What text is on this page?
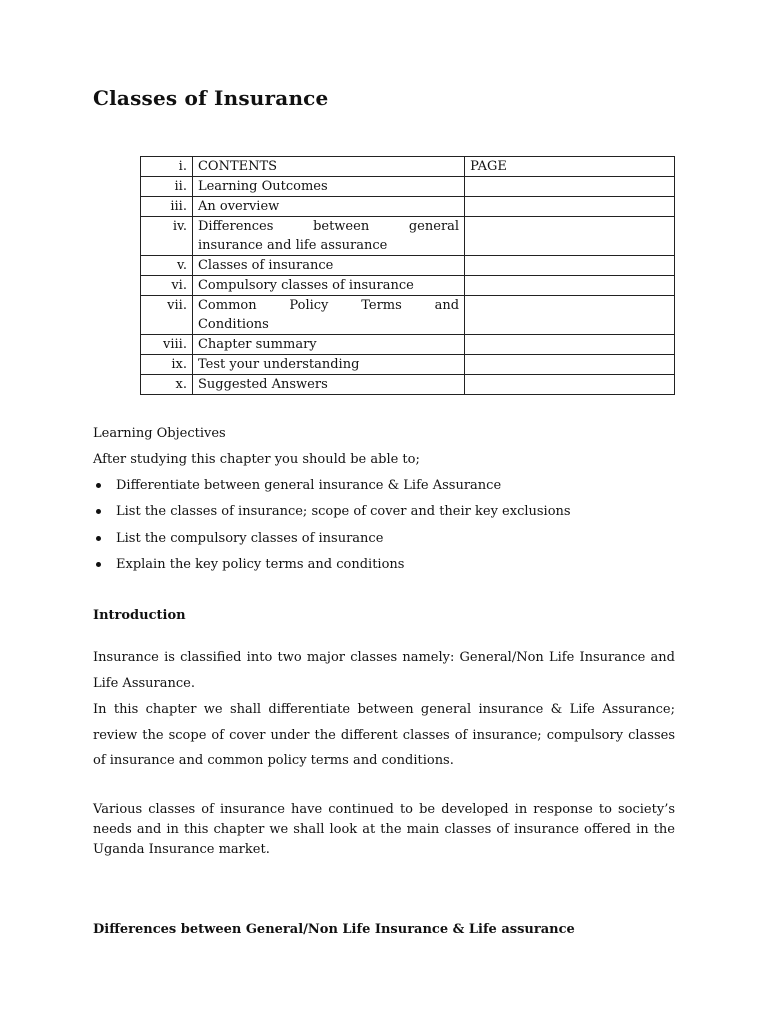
Classes of Insurance
i.	CONTENTS	PAGE
ii.	Learning Outcomes	
iii.	An overview	
iv.	Differences between general
insurance and life assurance	
v.	Classes of insurance	
vi.	Compulsory classes of insurance	
vii.	Common Policy Terms and
Conditions	
viii.	Chapter summary	
ix.	Test your understanding	
x.	Suggested Answers	
Learning Objectives
After studying this chapter you should be able to;
Differentiate between general insurance & Life Assurance
List the classes of insurance; scope of cover and their key exclusions
List the compulsory classes of insurance
Explain the key policy terms and conditions
Introduction

Insurance is classified into two major classes namely: General/Non Life Insurance and Life Assurance.

In this chapter we shall differentiate between general insurance & Life Assurance; review the scope of cover under the different classes of insurance; compulsory classes of insurance and common policy terms and conditions.

Various classes of insurance have continued to be developed in response to society’s needs and in this chapter we shall look at the main classes of insurance offered in the Uganda Insurance market.

Differences between General/Non Life Insurance & Life assurance
